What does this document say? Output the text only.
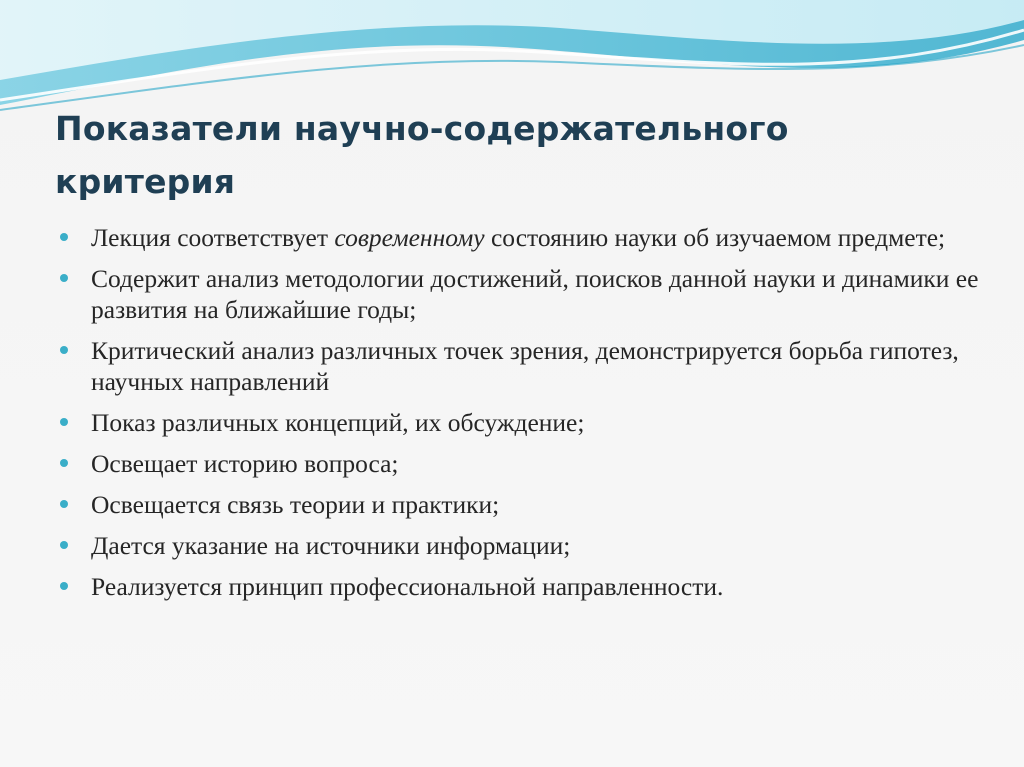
Показатели научно-содержательного критерия
Лекция соответствует современному состоянию науки об изучаемом предмете;
Содержит анализ методологии достижений, поисков данной науки и динамики ее развития на ближайшие годы;
Критический анализ различных точек зрения, демонстрируется борьба гипотез, научных направлений
Показ различных концепций, их обсуждение;
Освещает историю вопроса;
Освещается связь теории и практики;
Дается указание на источники информации;
Реализуется принцип профессиональной направленности.
